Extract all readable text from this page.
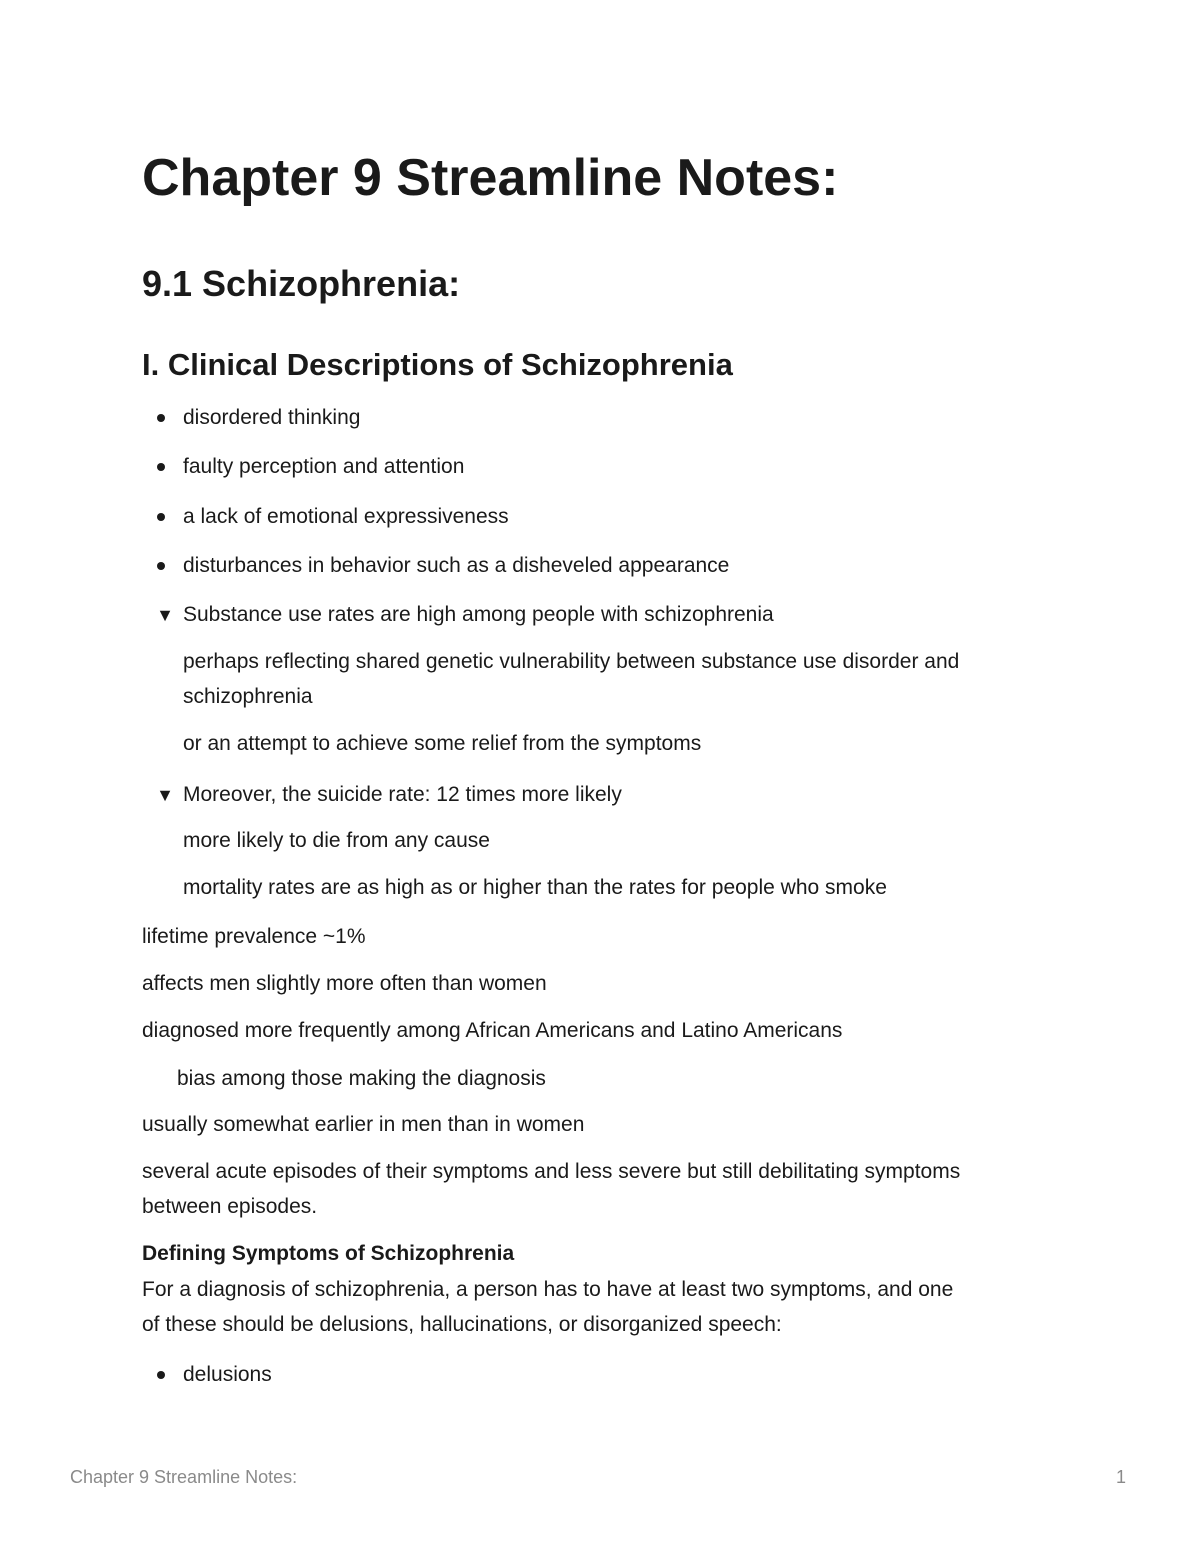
Chapter 9 Streamline Notes:
9.1 Schizophrenia:
I. Clinical Descriptions of Schizophrenia
disordered thinking
faulty perception and attention
a lack of emotional expressiveness
disturbances in behavior such as a disheveled appearance
▼ Substance use rates are high among people with schizophrenia
perhaps reflecting shared genetic vulnerability between substance use disorder and
schizophrenia
or an attempt to achieve some relief from the symptoms
▼ Moreover, the suicide rate: 12 times more likely
more likely to die from any cause
mortality rates are as high as or higher than the rates for people who smoke
lifetime prevalence ~1%
affects men slightly more often than women
diagnosed more frequently among African Americans and Latino Americans
bias among those making the diagnosis
usually somewhat earlier in men than in women
several acute episodes of their symptoms and less severe but still debilitating symptoms
between episodes.
Defining Symptoms of Schizophrenia
For a diagnosis of schizophrenia, a person has to have at least two symptoms, and one
of these should be delusions, hallucinations, or disorganized speech:
delusions
Chapter 9 Streamline Notes:	1
